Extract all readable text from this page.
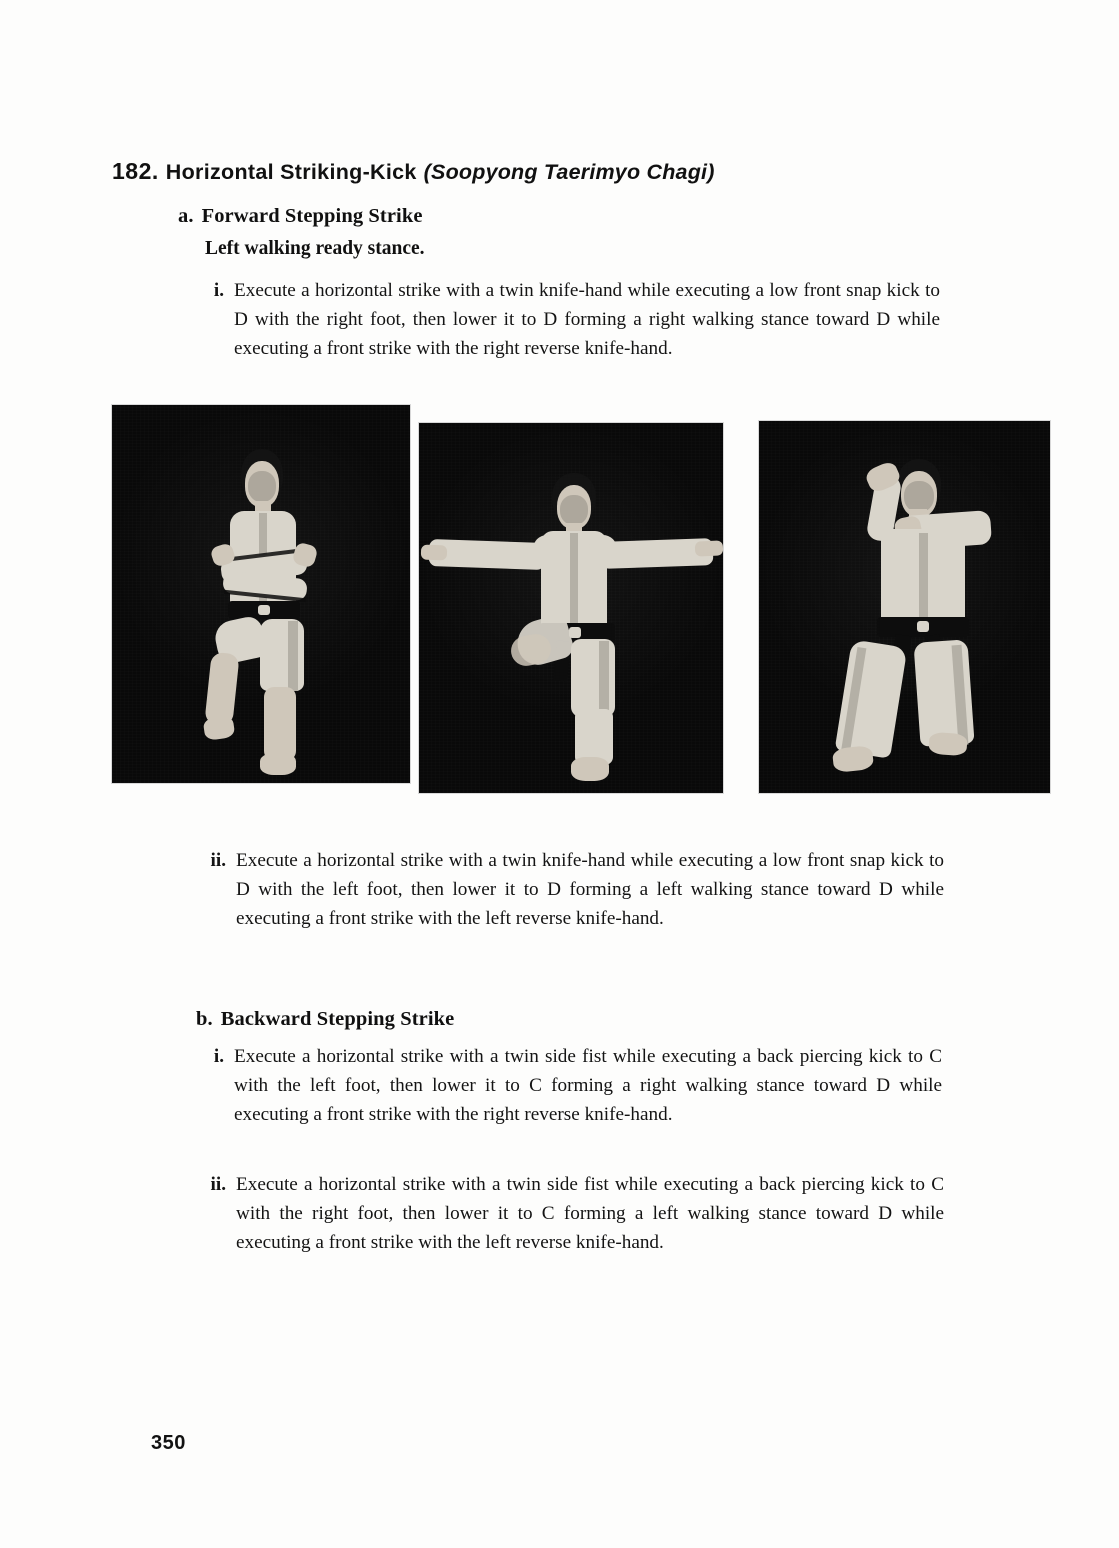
182. Horizontal Striking-Kick (Soopyong Taerimyo Chagi)
a. Forward Stepping Strike
Left walking ready stance.
i. Execute a horizontal strike with a twin knife-hand while executing a low front snap kick to D with the right foot, then lower it to D forming a right walking stance toward D while executing a front strike with the right reverse knife-hand.
ii. Execute a horizontal strike with a twin knife-hand while executing a low front snap kick to D with the left foot, then lower it to D forming a left walking stance toward D while executing a front strike with the left reverse knife-hand.
b. Backward Stepping Strike
i. Execute a horizontal strike with a twin side fist while executing a back piercing kick to C with the left foot, then lower it to C forming a right walking stance toward D while executing a front strike with the right reverse knife-hand.
ii. Execute a horizontal strike with a twin side fist while executing a back piercing kick to C with the right foot, then lower it to C forming a left walking stance toward D while executing a front strike with the left reverse knife-hand.
350
